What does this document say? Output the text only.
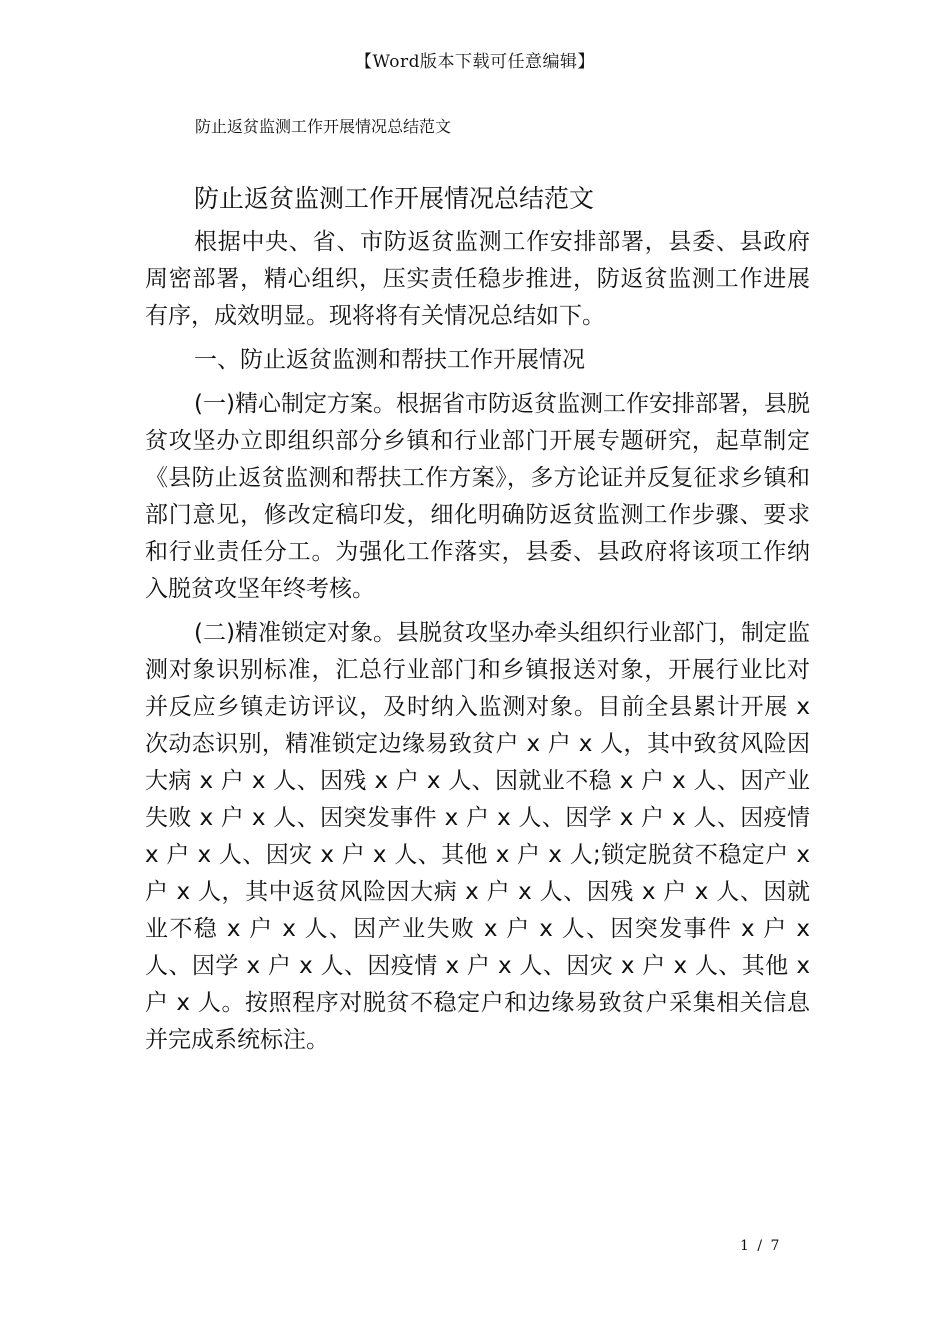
【Word版本下载可任意编辑】
防止返贫监测工作开展情况总结范文
防止返贫监测工作开展情况总结范文

根据中央、省、市防返贫监测工作安排部署，县委、县政府周密部署，精心组织，压实责任稳步推进，防返贫监测工作进展有序，成效明显。现将将有关情况总结如下。

一、防止返贫监测和帮扶工作开展情况

(一)精心制定方案。根据省市防返贫监测工作安排部署，县脱贫攻坚办立即组织部分乡镇和行业部门开展专题研究，起草制定《县防止返贫监测和帮扶工作方案》，多方论证并反复征求乡镇和部门意见，修改定稿印发，细化明确防返贫监测工作步骤、要求和行业责任分工。为强化工作落实，县委、县政府将该项工作纳入脱贫攻坚年终考核。

(二)精准锁定对象。县脱贫攻坚办牵头组织行业部门，制定监测对象识别标准，汇总行业部门和乡镇报送对象，开展行业比对并反应乡镇走访评议，及时纳入监测对象。目前全县累计开展 x 次动态识别，精准锁定边缘易致贫户 x 户 x 人，其中致贫风险因大病 x 户 x 人、因残 x 户 x 人、因就业不稳 x 户 x 人、因产业失败 x 户 x 人、因突发事件 x 户 x 人、因学 x 户 x 人、因疫情 x 户 x 人、因灾 x 户 x 人、其他 x 户 x 人;锁定脱贫不稳定户 x 户 x 人，其中返贫风险因大病 x 户 x 人、因残 x 户 x 人、因就业不稳 x 户 x 人、因产业失败 x 户 x 人、因突发事件 x 户 x 人、因学 x 户 x 人、因疫情 x 户 x 人、因灾 x 户 x 人、其他 x 户 x 人。按照程序对脱贫不稳定户和边缘易致贫户采集相关信息并完成系统标注。

1 / 7
